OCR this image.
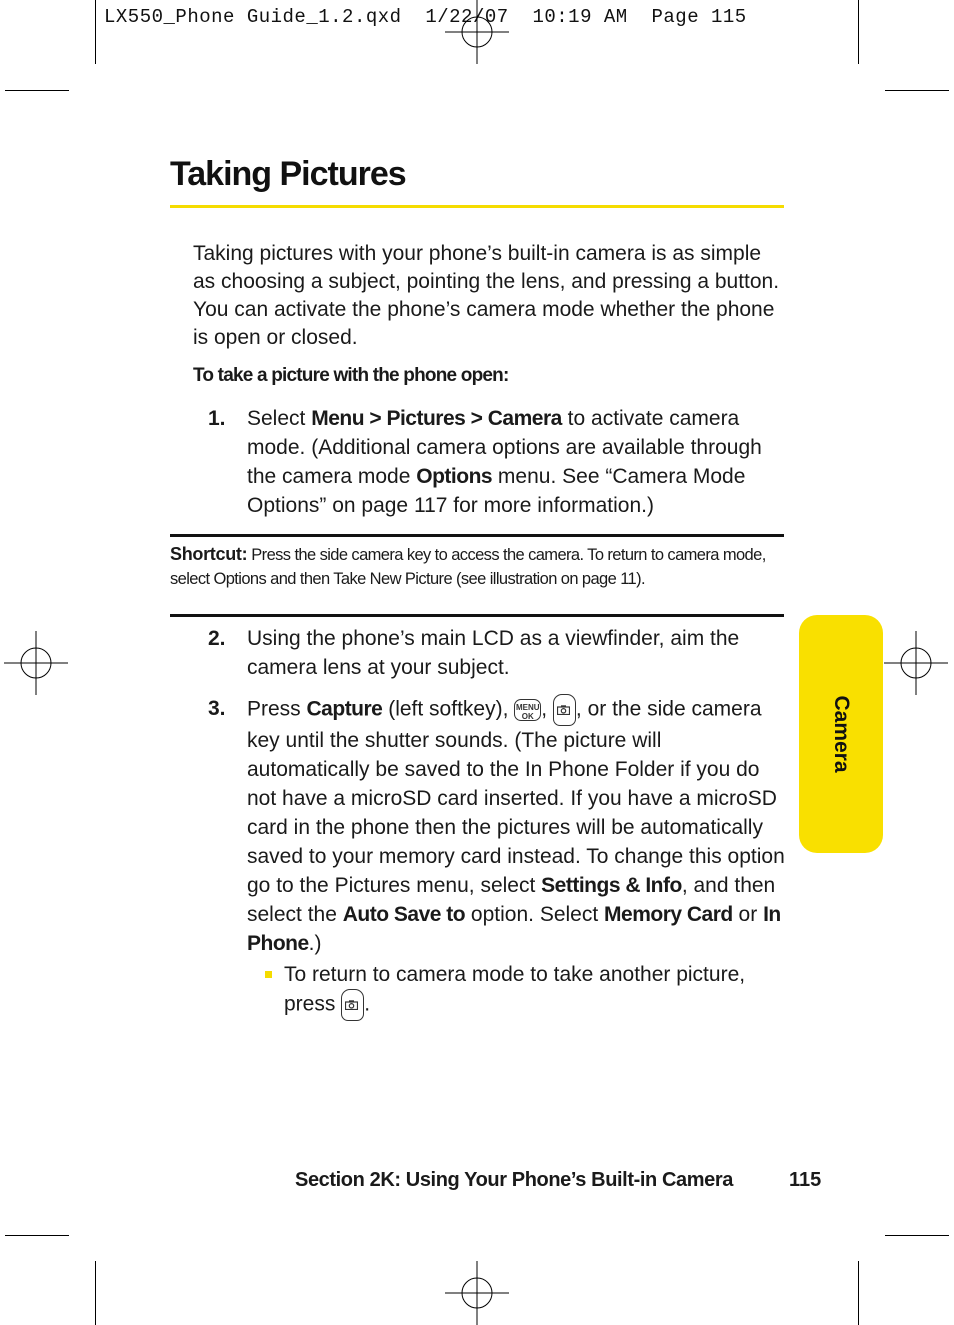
LX550_Phone Guide_1.2.qxd  1/22/07  10:19 AM  Page 115
Taking Pictures

Taking pictures with your phone’s built-in camera is as simple as choosing a subject, pointing the lens, and pressing a button. You can activate the phone’s camera mode whether the phone is open or closed.

To take a picture with the phone open:

1. Select Menu > Pictures > Camera to activate camera mode. (Additional camera options are available through the camera mode Options menu. See “Camera Mode Options” on page 117 for more information.)
Shortcut: Press the side camera key to access the camera. To return to camera mode, select Options and then Take New Picture (see illustration on page 11).
2. Using the phone’s main LCD as a viewfinder, aim the camera lens at your subject.
3. Press Capture (left softkey), MENU
OK ,
, or the side camera key until the shutter sounds. (The picture will automatically be saved to the In Phone Folder if you do not have a microSD card inserted. If you have a microSD card in the phone then the pictures will be automatically saved to your memory card instead. To change this option go to the Pictures menu, select Settings & Info, and then select the Auto Save to option. Select Memory Card or In Phone.)
To return to camera mode to take another picture, press
.
Camera
Section 2K: Using Your Phone’s Built-in Camera	115
